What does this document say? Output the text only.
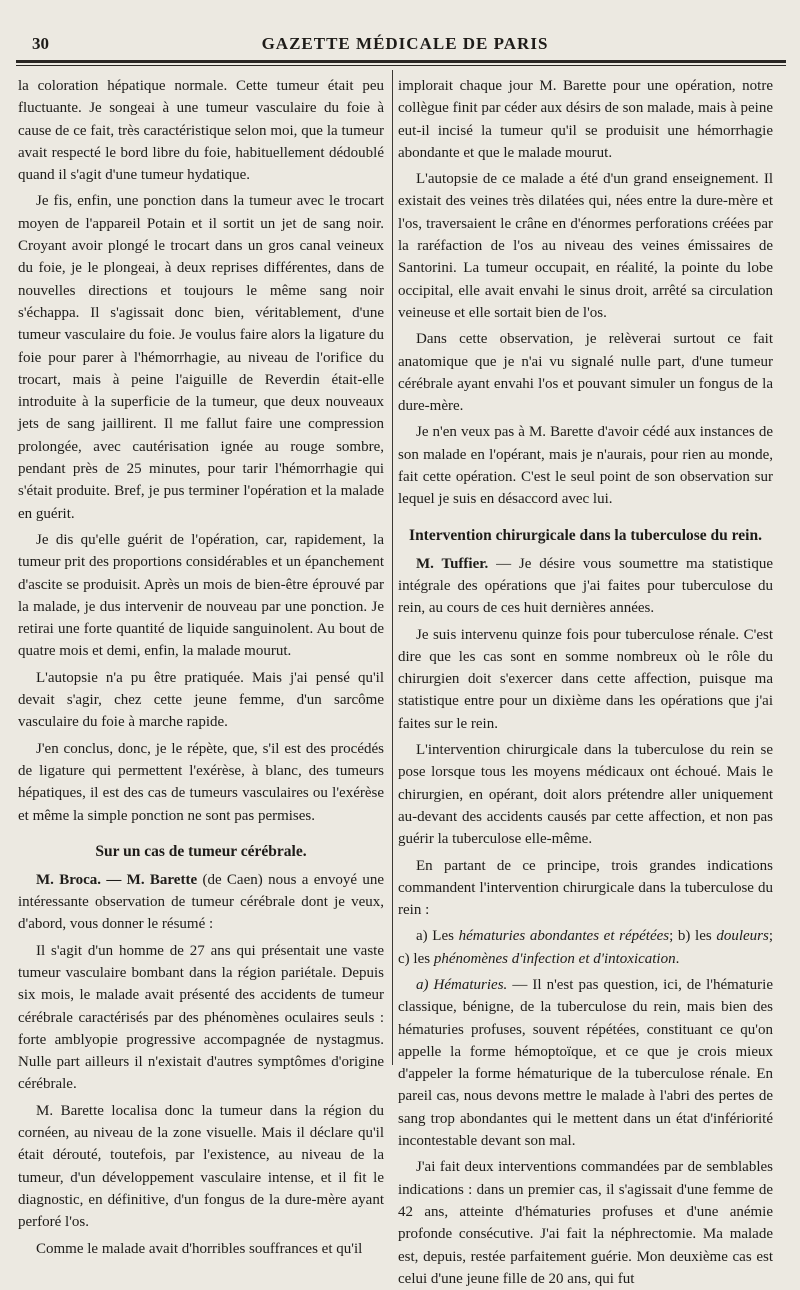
30	GAZETTE MÉDICALE DE PARIS

la coloration hépatique normale. Cette tumeur était peu fluctuante. Je songeai à une tumeur vasculaire du foie à cause de ce fait, très caractéristique selon moi, que la tumeur avait respecté le bord libre du foie, habituellement dédoublé quand il s'agit d'une tumeur hydatique.

Je fis, enfin, une ponction dans la tumeur avec le trocart moyen de l'appareil Potain et il sortit un jet de sang noir. Croyant avoir plongé le trocart dans un gros canal veineux du foie, je le plongeai, à deux reprises différentes, dans de nouvelles directions et toujours le même sang noir s'échappa. Il s'agissait donc bien, véritablement, d'une tumeur vasculaire du foie. Je voulus faire alors la ligature du foie pour parer à l'hémorrhagie, au niveau de l'orifice du trocart, mais à peine l'aiguille de Reverdin était-elle introduite à la superficie de la tumeur, que deux nouveaux jets de sang jaillirent. Il me fallut faire une compression prolongée, avec cautérisation ignée au rouge sombre, pendant près de 25 minutes, pour tarir l'hémorrhagie qui s'était produite. Bref, je pus terminer l'opération et la malade en guérit.

Je dis qu'elle guérit de l'opération, car, rapidement, la tumeur prit des proportions considérables et un épanchement d'ascite se produisit. Après un mois de bien-être éprouvé par la malade, je dus intervenir de nouveau par une ponction. Je retirai une forte quantité de liquide sanguinolent. Au bout de quatre mois et demi, enfin, la malade mourut.

L'autopsie n'a pu être pratiquée. Mais j'ai pensé qu'il devait s'agir, chez cette jeune femme, d'un sarcôme vasculaire du foie à marche rapide.

J'en conclus, donc, je le répète, que, s'il est des procédés de ligature qui permettent l'exérèse, à blanc, des tumeurs hépatiques, il est des cas de tumeurs vasculaires ou l'exérèse et même la simple ponction ne sont pas permises.

Sur un cas de tumeur cérébrale.

M. Broca. — M. Barette (de Caen) nous a envoyé une intéressante observation de tumeur cérébrale dont je veux, d'abord, vous donner le résumé :

Il s'agit d'un homme de 27 ans qui présentait une vaste tumeur vasculaire bombant dans la région pariétale. Depuis six mois, le malade avait présenté des accidents de tumeur cérébrale caractérisés par des phénomènes oculaires seuls : forte amblyopie progressive accompagnée de nystagmus. Nulle part ailleurs il n'existait d'autres symptômes d'origine cérébrale.

M. Barette localisa donc la tumeur dans la région du cornéen, au niveau de la zone visuelle. Mais il déclare qu'il était dérouté, toutefois, par l'existence, au niveau de la tumeur, d'un développement vasculaire intense, et il fit le diagnostic, en définitive, d'un fongus de la dure-mère ayant perforé l'os.

Comme le malade avait d'horribles souffrances et qu'il

implorait chaque jour M. Barette pour une opération, notre collègue finit par céder aux désirs de son malade, mais à peine eut-il incisé la tumeur qu'il se produisit une hémorrhagie abondante et que le malade mourut.

L'autopsie de ce malade a été d'un grand enseignement. Il existait des veines très dilatées qui, nées entre la dure-mère et l'os, traversaient le crâne en d'énormes perforations créées par la raréfaction de l'os au niveau des veines émissaires de Santorini. La tumeur occupait, en réalité, la pointe du lobe occipital, elle avait envahi le sinus droit, arrêté sa circulation veineuse et elle sortait bien de l'os.

Dans cette observation, je relèverai surtout ce fait anatomique que je n'ai vu signalé nulle part, d'une tumeur cérébrale ayant envahi l'os et pouvant simuler un fongus de la dure-mère.

Je n'en veux pas à M. Barette d'avoir cédé aux instances de son malade en l'opérant, mais je n'aurais, pour rien au monde, fait cette opération. C'est le seul point de son observation sur lequel je suis en désaccord avec lui.

Intervention chirurgicale dans la tuberculose du rein.

M. Tuffier. — Je désire vous soumettre ma statistique intégrale des opérations que j'ai faites pour tuberculose du rein, au cours de ces huit dernières années.

Je suis intervenu quinze fois pour tuberculose rénale. C'est dire que les cas sont en somme nombreux où le rôle du chirurgien doit s'exercer dans cette affection, puisque ma statistique entre pour un dixième dans les opérations que j'ai faites sur le rein.

L'intervention chirurgicale dans la tuberculose du rein se pose lorsque tous les moyens médicaux ont échoué. Mais le chirurgien, en opérant, doit alors prétendre aller uniquement au-devant des accidents causés par cette affection, et non pas guérir la tuberculose elle-même.

En partant de ce principe, trois grandes indications commandent l'intervention chirurgicale dans la tuberculose du rein :

a) Les hématuries abondantes et répétées; b) les douleurs; c) les phénomènes d'infection et d'intoxication.

a) Hématuries. — Il n'est pas question, ici, de l'hématurie classique, bénigne, de la tuberculose du rein, mais bien des hématuries profuses, souvent répétées, constituant ce qu'on appelle la forme hémoptoïque, et ce que je crois mieux d'appeler la forme hématurique de la tuberculose rénale. En pareil cas, nous devons mettre le malade à l'abri des pertes de sang trop abondantes qui le mettent dans un état d'infériorité incontestable devant son mal.

J'ai fait deux interventions commandées par de semblables indications : dans un premier cas, il s'agissait d'une femme de 42 ans, atteinte d'hématuries profuses et d'une anémie profonde consécutive. J'ai fait la néphrectomie. Ma malade est, depuis, restée parfaitement guérie. Mon deuxième cas est celui d'une jeune fille de 20 ans, qui fut
